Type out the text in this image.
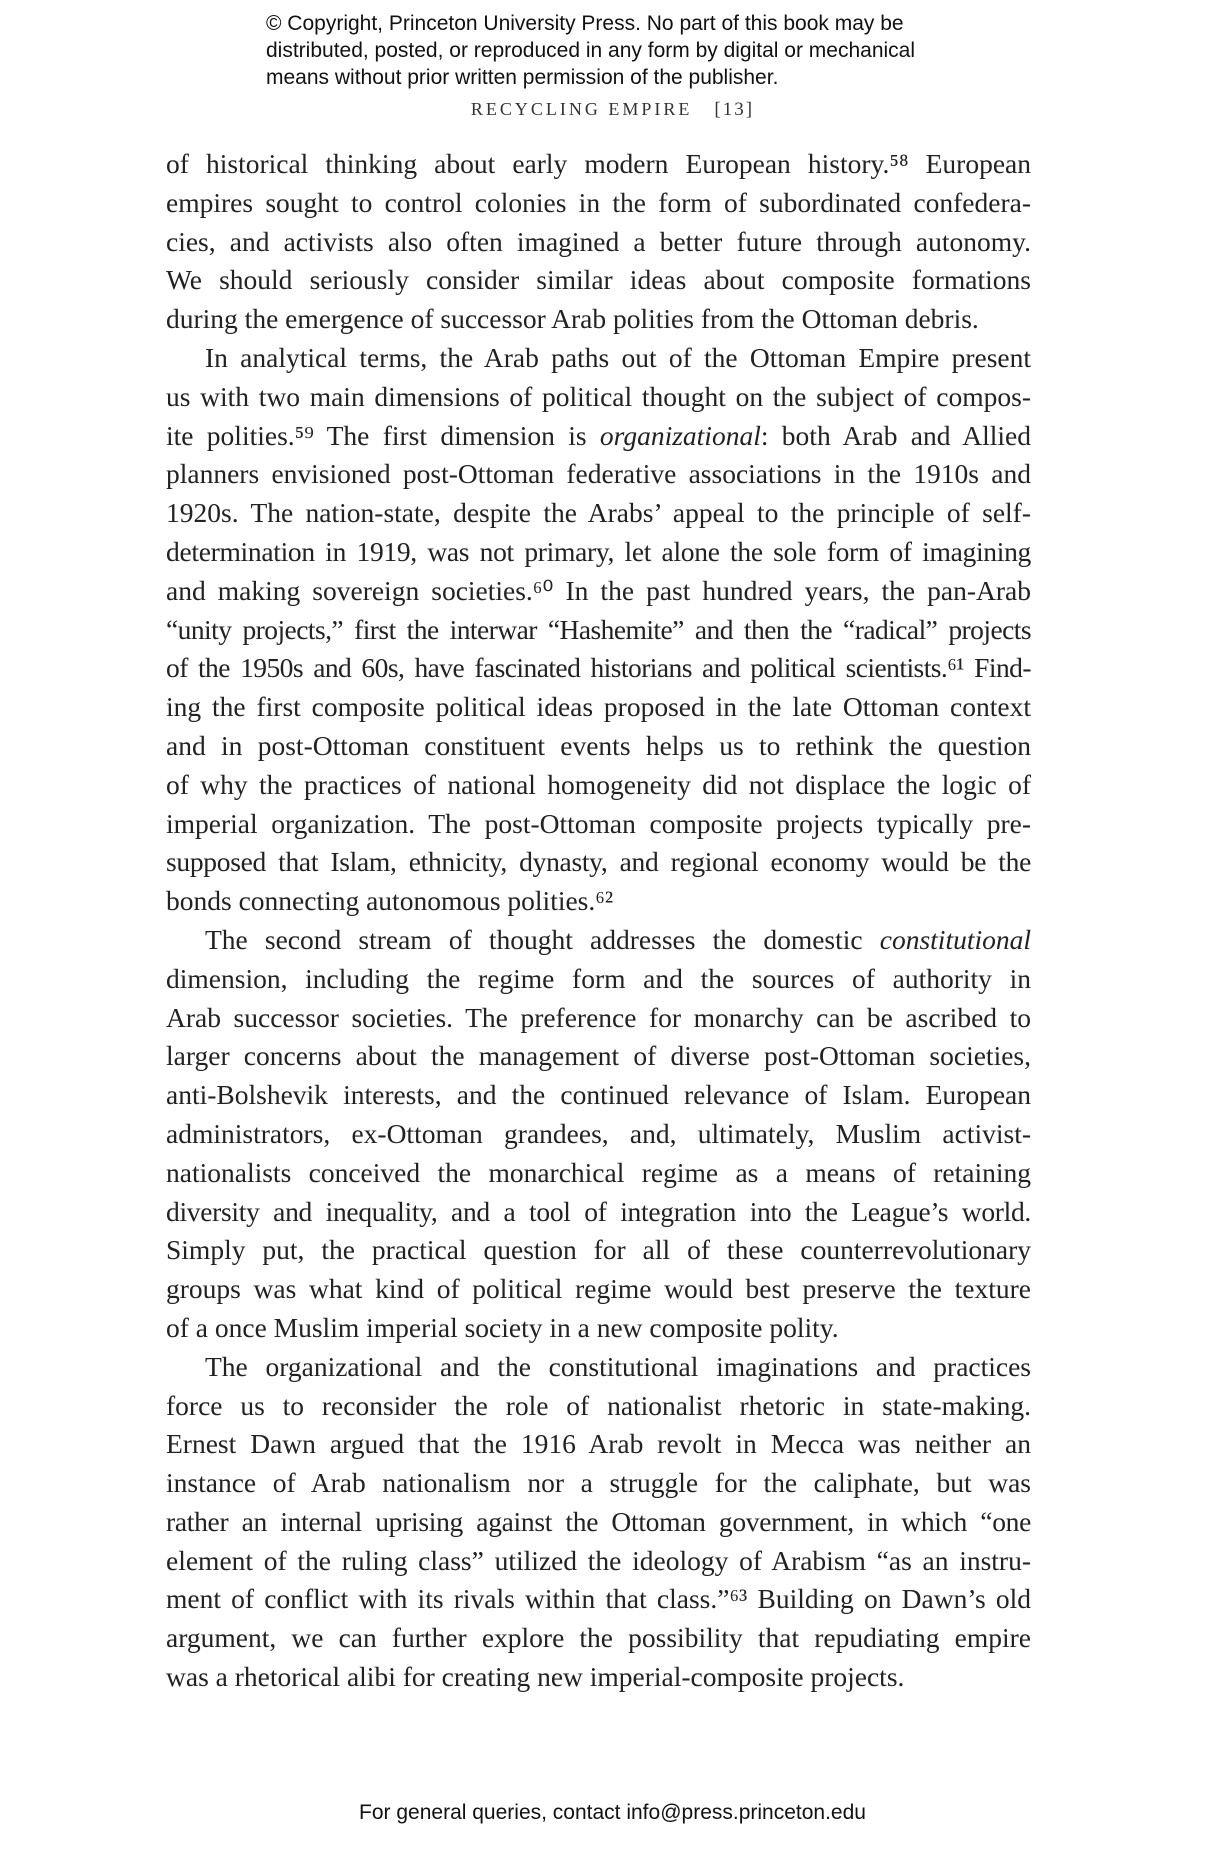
© Copyright, Princeton University Press. No part of this book may be
distributed, posted, or reproduced in any form by digital or mechanical
means without prior written permission of the publisher.
RECYCLING EMPIRE [13]
of historical thinking about early modern European history.⁵⁸ European
empires sought to control colonies in the form of subordinated confedera-
cies, and activists also often imagined a better future through autonomy.
We should seriously consider similar ideas about composite formations
during the emergence of successor Arab polities from the Ottoman debris.
In analytical terms, the Arab paths out of the Ottoman Empire present
us with two main dimensions of political thought on the subject of compos-
ite polities.⁵⁹ The first dimension is organizational: both Arab and Allied
planners envisioned post-Ottoman federative associations in the 1910s and
1920s. The nation-state, despite the Arabs’ appeal to the principle of self-
determination in 1919, was not primary, let alone the sole form of imagining
and making sovereign societies.⁶⁰ In the past hundred years, the pan-Arab
“unity projects,” first the interwar “Hashemite” and then the “radical” projects
of the 1950s and 60s, have fascinated historians and political scientists.⁶¹ Find-
ing the first composite political ideas proposed in the late Ottoman context
and in post-Ottoman constituent events helps us to rethink the question
of why the practices of national homogeneity did not displace the logic of
imperial organization. The post-Ottoman composite projects typically pre-
supposed that Islam, ethnicity, dynasty, and regional economy would be the
bonds connecting autonomous polities.⁶²
The second stream of thought addresses the domestic constitutional
dimension, including the regime form and the sources of authority in
Arab successor societies. The preference for monarchy can be ascribed to
larger concerns about the management of diverse post-Ottoman societies,
anti-Bolshevik interests, and the continued relevance of Islam. European
administrators, ex-Ottoman grandees, and, ultimately, Muslim activist-
nationalists conceived the monarchical regime as a means of retaining
diversity and inequality, and a tool of integration into the League’s world.
Simply put, the practical question for all of these counterrevolutionary
groups was what kind of political regime would best preserve the texture
of a once Muslim imperial society in a new composite polity.
The organizational and the constitutional imaginations and practices
force us to reconsider the role of nationalist rhetoric in state-making.
Ernest Dawn argued that the 1916 Arab revolt in Mecca was neither an
instance of Arab nationalism nor a struggle for the caliphate, but was
rather an internal uprising against the Ottoman government, in which “one
element of the ruling class” utilized the ideology of Arabism “as an instru-
ment of conflict with its rivals within that class.”⁶³ Building on Dawn’s old
argument, we can further explore the possibility that repudiating empire
was a rhetorical alibi for creating new imperial-composite projects.
For general queries, contact info@press.princeton.edu
